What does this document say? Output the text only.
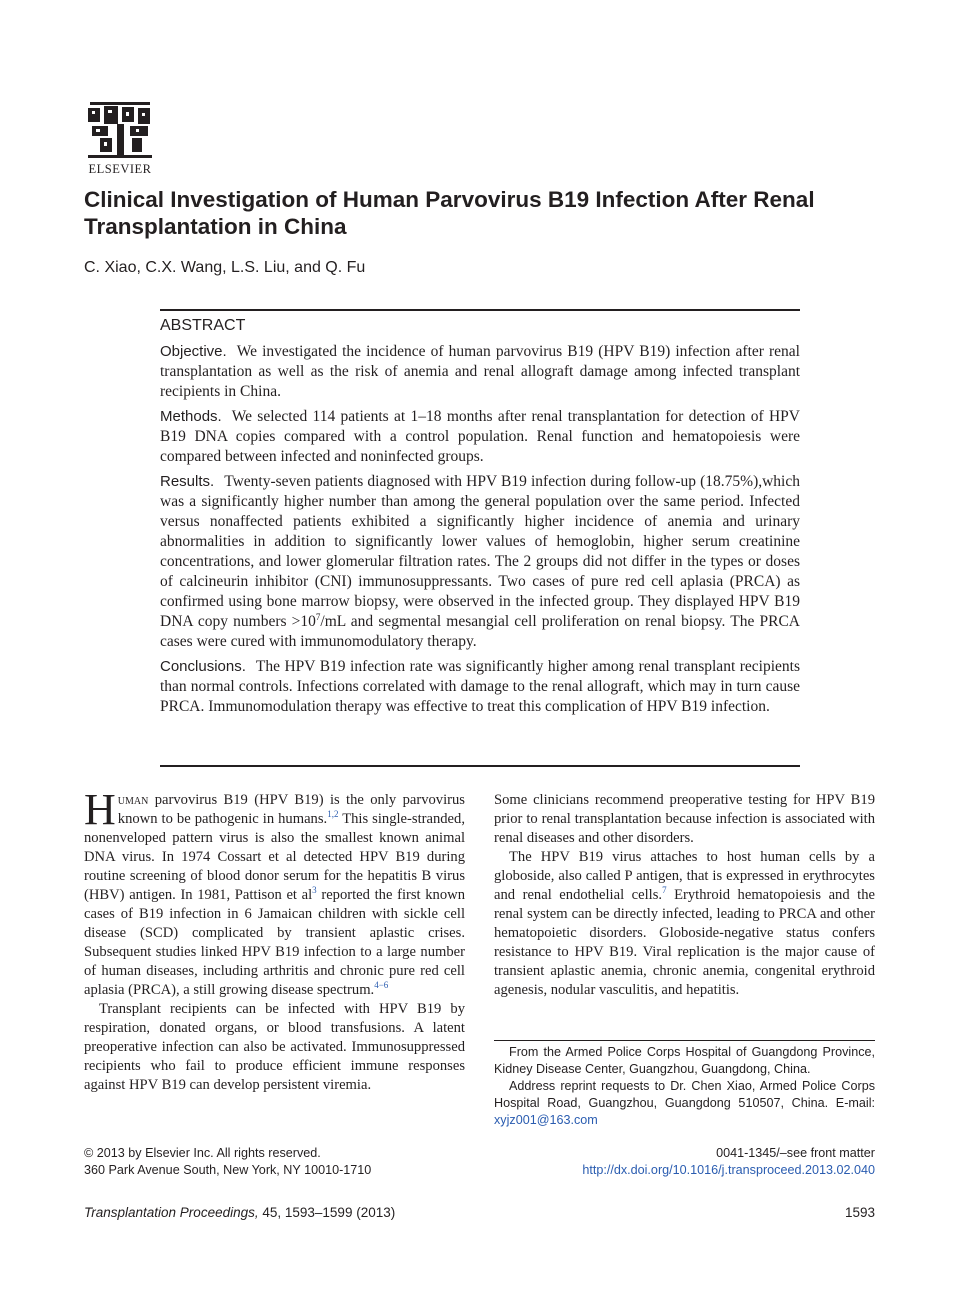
ELSEVIER
Clinical Investigation of Human Parvovirus B19 Infection After Renal Transplantation in China
C. Xiao, C.X. Wang, L.S. Liu, and Q. Fu
ABSTRACT

Objective. We investigated the incidence of human parvovirus B19 (HPV B19) infection after renal transplantation as well as the risk of anemia and renal allograft damage among infected transplant recipients in China.

Methods. We selected 114 patients at 1–18 months after renal transplantation for detection of HPV B19 DNA copies compared with a control population. Renal function and hematopoiesis were compared between infected and noninfected groups.

Results. Twenty-seven patients diagnosed with HPV B19 infection during follow-up (18.75%),which was a significantly higher number than among the general population over the same period. Infected versus nonaffected patients exhibited a significantly higher incidence of anemia and urinary abnormalities in addition to significantly lower values of hemoglobin, higher serum creatinine concentrations, and lower glomerular filtration rates. The 2 groups did not differ in the types or doses of calcineurin inhibitor (CNI) immunosuppressants. Two cases of pure red cell aplasia (PRCA) as confirmed using bone marrow biopsy, were observed in the infected group. They displayed HPV B19 DNA copy numbers $>10^7/mL$ and segmental mesangial cell proliferation on renal biopsy. The PRCA cases were cured with immunomodulatory therapy.

Conclusions. The HPV B19 infection rate was significantly higher among renal transplant recipients than normal controls. Infections correlated with damage to the renal allograft, which may in turn cause PRCA. Immunomodulation therapy was effective to treat this complication of HPV B19 infection.

Human parvovirus B19 (HPV B19) is the only parvovirus known to be pathogenic in humans.$^{1,2}$ This single-stranded, nonenveloped pattern virus is also the smallest known animal DNA virus. In 1974 Cossart et al detected HPV B19 during routine screening of blood donor serum for the hepatitis B virus (HBV) antigen. In 1981, Pattison et $al^3$ reported the first known cases of B19 infection in 6 Jamaican children with sickle cell disease (SCD) complicated by transient aplastic crises. Subsequent studies linked HPV B19 infection to a large number of human diseases, including arthritis and chronic pure red cell aplasia (PRCA), a still growing disease spectrum.$^{4-6}$

Transplant recipients can be infected with HPV B19 by respiration, donated organs, or blood transfusions. A latent preoperative infection can also be activated. Immunosuppressed recipients who fail to produce efficient immune responses against HPV B19 can develop persistent viremia.

Some clinicians recommend preoperative testing for HPV B19 prior to renal transplantation because infection is associated with renal diseases and other disorders.

The HPV B19 virus attaches to host human cells by a globoside, also called P antigen, that is expressed in erythrocytes and renal endothelial cells.$^7$ Erythroid hematopoiesis and the renal system can be directly infected, leading to PRCA and other hematopoietic disorders. Globoside-negative status confers resistance to HPV B19. Viral replication is the major cause of transient aplastic anemia, chronic anemia, congenital erythroid agenesis, nodular vasculitis, and hepatitis.

From the Armed Police Corps Hospital of Guangdong Province, Kidney Disease Center, Guangzhou, Guangdong, China.

Address reprint requests to Dr. Chen Xiao, Armed Police Corps Hospital Road, Guangzhou, Guangdong 510507, China. E-mail: xyjz001@163.com

© 2013 by Elsevier Inc. All rights reserved.
360 Park Avenue South, New York, NY 10010-1710
0041-1345/–see front matter
http://dx.doi.org/10.1016/j.transproceed.2013.02.040
Transplantation Proceedings, 45, 1593–1599 (2013)	1593
